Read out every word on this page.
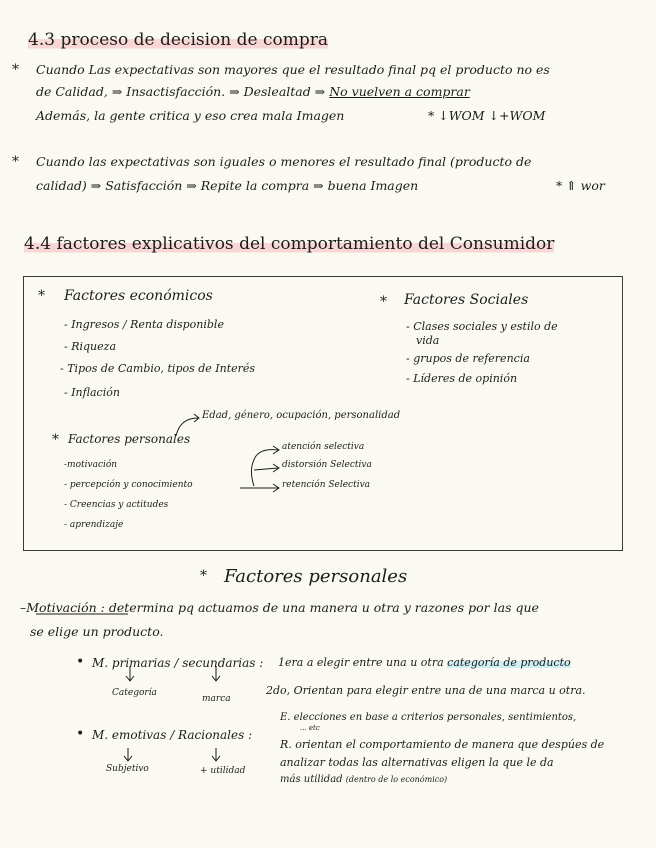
4.3 proceso de decision de compra
* Cuando Las expectativas son mayores que el resultado final pq el producto no es
de Calidad, ⇒ Insactisfacción. ⇒ Deslealtad ⇒ No vuelven a comprar
Además, la gente critica y eso crea mala Imagen	* ↓WOM ↓+WOM
* Cuando las expectativas son iguales o menores el resultado final (producto de
calidad) ⇒ Satisfacción ⇒ Repite la compra ⇒ buena Imagen	* ⇑ wor
4.4 factores explicativos del comportamiento del Consumidor
* Factores económicos
- Ingresos / Renta disponible
- Riqueza
- Tipos de Cambio, tipos de Interés
- Inflación
* Factores Sociales
- Clases sociales y estilo de
vida
- grupos de referencia
- Líderes de opinión
Edad, género, ocupación, personalidad
* Factores personales
-motivación
- percepción y conocimiento
- Creencias y actitudes
- aprendizaje
atención selectiva
distorsión Selectiva
retención Selectiva
* Factores personales
–Motivación : determina pq actuamos de una manera u otra y razones por las que
se elige un producto.
• M. primarias / secundarias : 1era a elegir entre una u otra categoría de producto
Categoría
marca
2do, Orientan para elegir entre una de una marca u otra.
E. elecciones en base a criterios personales, sentimientos,
... etc
• M. emotivas / Racionales :
R. orientan el comportamiento de manera que despúes de
analizar todas las alternativas eligen la que le da
más utilidad (dentro de lo económico)
Subjetivo	+ utilidad
